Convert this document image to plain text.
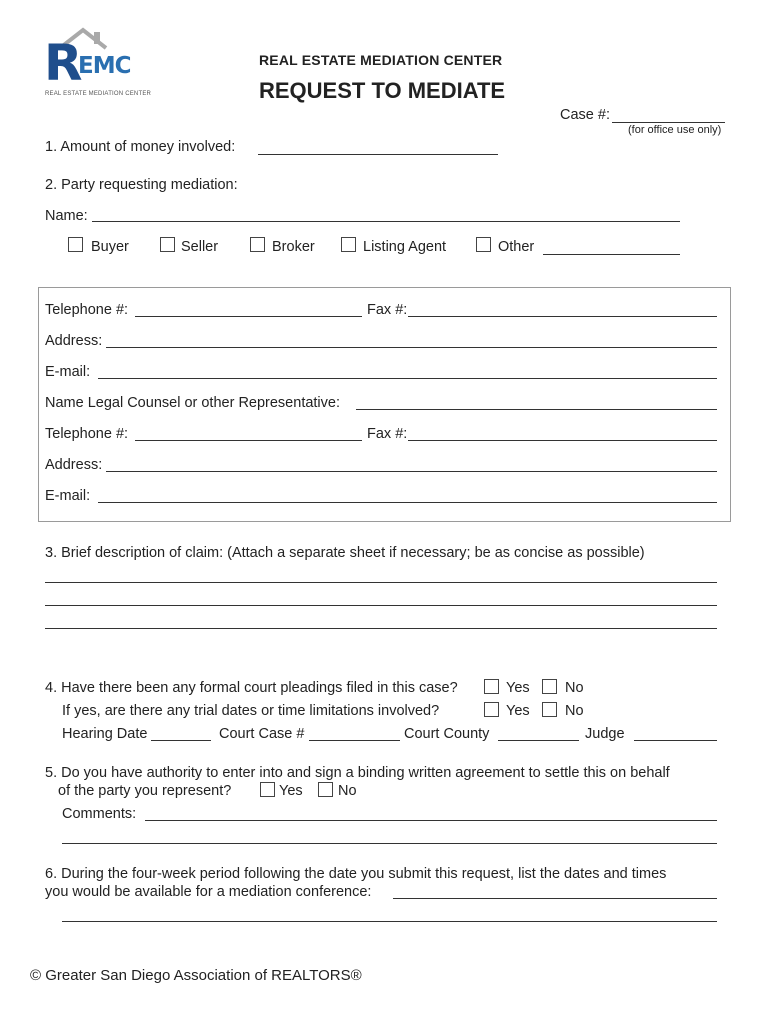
R
EMC
REAL ESTATE MEDIATION CENTER
REAL ESTATE MEDIATION CENTER
REQUEST TO MEDIATE
Case #:
(for office use only)
1. Amount of money involved:
2. Party requesting mediation:
Name:
Buyer	Seller	Broker	Listing Agent	Other
Telephone #:	Fax #:
Address:
E-mail:
Name Legal Counsel or other Representative:
Telephone #:	Fax #:
Address:
E-mail:
3. Brief description of claim: (Attach a separate sheet if necessary; be as concise as possible)
4. Have there been any formal court pleadings filed in this case?	Yes No
If yes, are there any trial dates or time limitations involved?	Yes No
Hearing Date	Court Case #	Court County	Judge
5. Do you have authority to enter into and sign a binding written agreement to settle this on behalf
of the party you represent?	Yes No
Comments:
6. During the four-week period following the date you submit this request, list the dates and times
you would be available for a mediation conference:
© Greater San Diego Association of REALTORS®
